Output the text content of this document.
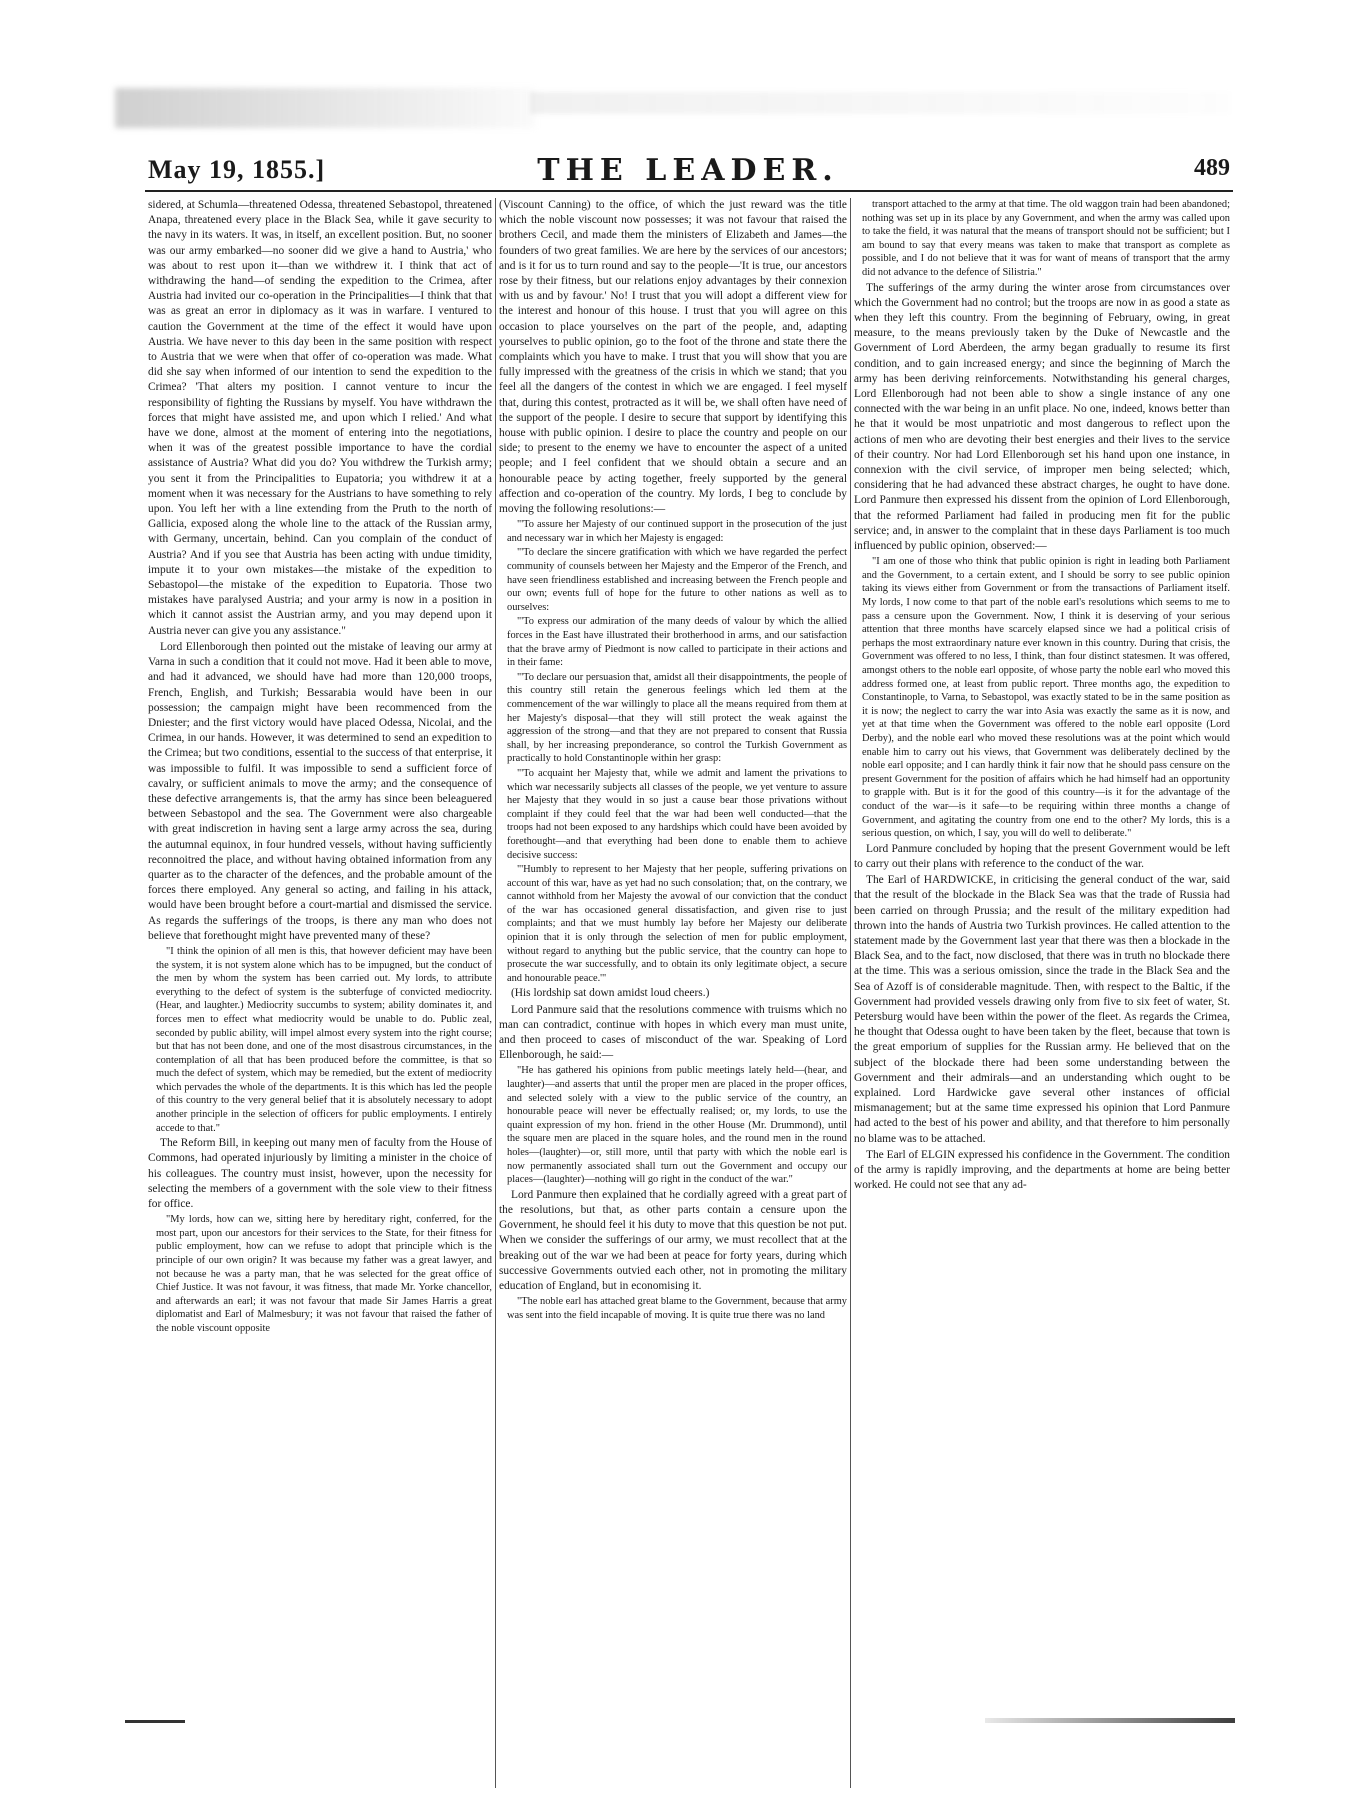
May 19, 1855.]	THE LEADER.	489

sidered, at Schumla—threatened Odessa, threatened Sebastopol, threatened Anapa, threatened every place in the Black Sea, while it gave security to the navy in its waters. It was, in itself, an excellent position. But, no sooner was our army embarked—no sooner did we give a hand to Austria,' who was about to rest upon it—than we withdrew it. I think that act of withdrawing the hand—of sending the expedition to the Crimea, after Austria had invited our co-operation in the Principalities—I think that that was as great an error in diplomacy as it was in warfare. I ventured to caution the Government at the time of the effect it would have upon Austria. We have never to this day been in the same position with respect to Austria that we were when that offer of co-operation was made. What did she say when informed of our intention to send the expedition to the Crimea? 'That alters my position. I cannot venture to incur the responsibility of fighting the Russians by myself. You have withdrawn the forces that might have assisted me, and upon which I relied.' And what have we done, almost at the moment of entering into the negotiations, when it was of the greatest possible importance to have the cordial assistance of Austria? What did you do? You withdrew the Turkish army; you sent it from the Principalities to Eupatoria; you withdrew it at a moment when it was necessary for the Austrians to have something to rely upon. You left her with a line extending from the Pruth to the north of Gallicia, exposed along the whole line to the attack of the Russian army, with Germany, uncertain, behind. Can you complain of the conduct of Austria? And if you see that Austria has been acting with undue timidity, impute it to your own mistakes—the mistake of the expedition to Sebastopol—the mistake of the expedition to Eupatoria. Those two mistakes have paralysed Austria; and your army is now in a position in which it cannot assist the Austrian army, and you may depend upon it Austria never can give you any assistance."

Lord Ellenborough then pointed out the mistake of leaving our army at Varna in such a condition that it could not move. Had it been able to move, and had it advanced, we should have had more than 120,000 troops, French, English, and Turkish; Bessarabia would have been in our possession; the campaign might have been recommenced from the Dniester; and the first victory would have placed Odessa, Nicolai, and the Crimea, in our hands. However, it was determined to send an expedition to the Crimea; but two conditions, essential to the success of that enterprise, it was impossible to fulfil. It was impossible to send a sufficient force of cavalry, or sufficient animals to move the army; and the consequence of these defective arrangements is, that the army has since been beleaguered between Sebastopol and the sea. The Government were also chargeable with great indiscretion in having sent a large army across the sea, during the autumnal equinox, in four hundred vessels, without having sufficiently reconnoitred the place, and without having obtained information from any quarter as to the character of the defences, and the probable amount of the forces there employed. Any general so acting, and failing in his attack, would have been brought before a court-martial and dismissed the service. As regards the sufferings of the troops, is there any man who does not believe that forethought might have prevented many of these?

"I think the opinion of all men is this, that however deficient may have been the system, it is not system alone which has to be impugned, but the conduct of the men by whom the system has been carried out. My lords, to attribute everything to the defect of system is the subterfuge of convicted mediocrity. (Hear, and laughter.) Mediocrity succumbs to system; ability dominates it, and forces men to effect what mediocrity would be unable to do. Public zeal, seconded by public ability, will impel almost every system into the right course; but that has not been done, and one of the most disastrous circumstances, in the contemplation of all that has been produced before the committee, is that so much the defect of system, which may be remedied, but the extent of mediocrity which pervades the whole of the departments. It is this which has led the people of this country to the very general belief that it is absolutely necessary to adopt another principle in the selection of officers for public employments. I entirely accede to that."

The Reform Bill, in keeping out many men of faculty from the House of Commons, had operated injuriously by limiting a minister in the choice of his colleagues. The country must insist, however, upon the necessity for selecting the members of a government with the sole view to their fitness for office.

"My lords, how can we, sitting here by hereditary right, conferred, for the most part, upon our ancestors for their services to the State, for their fitness for public employment, how can we refuse to adopt that principle which is the principle of our own origin? It was because my father was a great lawyer, and not because he was a party man, that he was selected for the great office of Chief Justice. It was not favour, it was fitness, that made Mr. Yorke chancellor, and afterwards an earl; it was not favour that made Sir James Harris a great diplomatist and Earl of Malmesbury; it was not favour that raised the father of the noble viscount opposite

(Viscount Canning) to the office, of which the just reward was the title which the noble viscount now possesses; it was not favour that raised the brothers Cecil, and made them the ministers of Elizabeth and James—the founders of two great families. We are here by the services of our ancestors; and is it for us to turn round and say to the people—'It is true, our ancestors rose by their fitness, but our relations enjoy advantages by their connexion with us and by favour.' No! I trust that you will adopt a different view for the interest and honour of this house. I trust that you will agree on this occasion to place yourselves on the part of the people, and, adapting yourselves to public opinion, go to the foot of the throne and state there the complaints which you have to make. I trust that you will show that you are fully impressed with the greatness of the crisis in which we stand; that you feel all the dangers of the contest in which we are engaged. I feel myself that, during this contest, protracted as it will be, we shall often have need of the support of the people. I desire to secure that support by identifying this house with public opinion. I desire to place the country and people on our side; to present to the enemy we have to encounter the aspect of a united people; and I feel confident that we should obtain a secure and an honourable peace by acting together, freely supported by the general affection and co-operation of the country. My lords, I beg to conclude by moving the following resolutions:—

"'To assure her Majesty of our continued support in the prosecution of the just and necessary war in which her Majesty is engaged:

"'To declare the sincere gratification with which we have regarded the perfect community of counsels between her Majesty and the Emperor of the French, and have seen friendliness established and increasing between the French people and our own; events full of hope for the future to other nations as well as to ourselves:

"'To express our admiration of the many deeds of valour by which the allied forces in the East have illustrated their brotherhood in arms, and our satisfaction that the brave army of Piedmont is now called to participate in their actions and in their fame:

"'To declare our persuasion that, amidst all their disappointments, the people of this country still retain the generous feelings which led them at the commencement of the war willingly to place all the means required from them at her Majesty's disposal—that they will still protect the weak against the aggression of the strong—and that they are not prepared to consent that Russia shall, by her increasing preponderance, so control the Turkish Government as practically to hold Constantinople within her grasp:

"'To acquaint her Majesty that, while we admit and lament the privations to which war necessarily subjects all classes of the people, we yet venture to assure her Majesty that they would in so just a cause bear those privations without complaint if they could feel that the war had been well conducted—that the troops had not been exposed to any hardships which could have been avoided by forethought—and that everything had been done to enable them to achieve decisive success:

"'Humbly to represent to her Majesty that her people, suffering privations on account of this war, have as yet had no such consolation; that, on the contrary, we cannot withhold from her Majesty the avowal of our conviction that the conduct of the war has occasioned general dissatisfaction, and given rise to just complaints; and that we must humbly lay before her Majesty our deliberate opinion that it is only through the selection of men for public employment, without regard to anything but the public service, that the country can hope to prosecute the war successfully, and to obtain its only legitimate object, a secure and honourable peace.'"

(His lordship sat down amidst loud cheers.)

Lord Panmure said that the resolutions commence with truisms which no man can contradict, continue with hopes in which every man must unite, and then proceed to cases of misconduct of the war. Speaking of Lord Ellenborough, he said:—

"He has gathered his opinions from public meetings lately held—(hear, and laughter)—and asserts that until the proper men are placed in the proper offices, and selected solely with a view to the public service of the country, an honourable peace will never be effectually realised; or, my lords, to use the quaint expression of my hon. friend in the other House (Mr. Drummond), until the square men are placed in the square holes, and the round men in the round holes—(laughter)—or, still more, until that party with which the noble earl is now permanently associated shall turn out the Government and occupy our places—(laughter)—nothing will go right in the conduct of the war."

Lord Panmure then explained that he cordially agreed with a great part of the resolutions, but that, as other parts contain a censure upon the Government, he should feel it his duty to move that this question be not put. When we consider the sufferings of our army, we must recollect that at the breaking out of the war we had been at peace for forty years, during which successive Governments outvied each other, not in promoting the military education of England, but in economising it.

"The noble earl has attached great blame to the Government, because that army was sent into the field incapable of moving. It is quite true there was no land

transport attached to the army at that time. The old waggon train had been abandoned; nothing was set up in its place by any Government, and when the army was called upon to take the field, it was natural that the means of transport should not be sufficient; but I am bound to say that every means was taken to make that transport as complete as possible, and I do not believe that it was for want of means of transport that the army did not advance to the defence of Silistria."

The sufferings of the army during the winter arose from circumstances over which the Government had no control; but the troops are now in as good a state as when they left this country. From the beginning of February, owing, in great measure, to the means previously taken by the Duke of Newcastle and the Government of Lord Aberdeen, the army began gradually to resume its first condition, and to gain increased energy; and since the beginning of March the army has been deriving reinforcements. Notwithstanding his general charges, Lord Ellenborough had not been able to show a single instance of any one connected with the war being in an unfit place. No one, indeed, knows better than he that it would be most unpatriotic and most dangerous to reflect upon the actions of men who are devoting their best energies and their lives to the service of their country. Nor had Lord Ellenborough set his hand upon one instance, in connexion with the civil service, of improper men being selected; which, considering that he had advanced these abstract charges, he ought to have done. Lord Panmure then expressed his dissent from the opinion of Lord Ellenborough, that the reformed Parliament had failed in producing men fit for the public service; and, in answer to the complaint that in these days Parliament is too much influenced by public opinion, observed:—

"I am one of those who think that public opinion is right in leading both Parliament and the Government, to a certain extent, and I should be sorry to see public opinion taking its views either from Government or from the transactions of Parliament itself. My lords, I now come to that part of the noble earl's resolutions which seems to me to pass a censure upon the Government. Now, I think it is deserving of your serious attention that three months have scarcely elapsed since we had a political crisis of perhaps the most extraordinary nature ever known in this country. During that crisis, the Government was offered to no less, I think, than four distinct statesmen. It was offered, amongst others to the noble earl opposite, of whose party the noble earl who moved this address formed one, at least from public report. Three months ago, the expedition to Constantinople, to Varna, to Sebastopol, was exactly stated to be in the same position as it is now; the neglect to carry the war into Asia was exactly the same as it is now, and yet at that time when the Government was offered to the noble earl opposite (Lord Derby), and the noble earl who moved these resolutions was at the point which would enable him to carry out his views, that Government was deliberately declined by the noble earl opposite; and I can hardly think it fair now that he should pass censure on the present Government for the position of affairs which he had himself had an opportunity to grapple with. But is it for the good of this country—is it for the advantage of the conduct of the war—is it safe—to be requiring within three months a change of Government, and agitating the country from one end to the other? My lords, this is a serious question, on which, I say, you will do well to deliberate."

Lord Panmure concluded by hoping that the present Government would be left to carry out their plans with reference to the conduct of the war.

The Earl of HARDWICKE, in criticising the general conduct of the war, said that the result of the blockade in the Black Sea was that the trade of Russia had been carried on through Prussia; and the result of the military expedition had thrown into the hands of Austria two Turkish provinces. He called attention to the statement made by the Government last year that there was then a blockade in the Black Sea, and to the fact, now disclosed, that there was in truth no blockade there at the time. This was a serious omission, since the trade in the Black Sea and the Sea of Azoff is of considerable magnitude. Then, with respect to the Baltic, if the Government had provided vessels drawing only from five to six feet of water, St. Petersburg would have been within the power of the fleet. As regards the Crimea, he thought that Odessa ought to have been taken by the fleet, because that town is the great emporium of supplies for the Russian army. He believed that on the subject of the blockade there had been some understanding between the Government and their admirals—and an understanding which ought to be explained. Lord Hardwicke gave several other instances of official mismanagement; but at the same time expressed his opinion that Lord Panmure had acted to the best of his power and ability, and that therefore to him personally no blame was to be attached.

The Earl of ELGIN expressed his confidence in the Government. The condition of the army is rapidly improving, and the departments at home are being better worked. He could not see that any ad-
